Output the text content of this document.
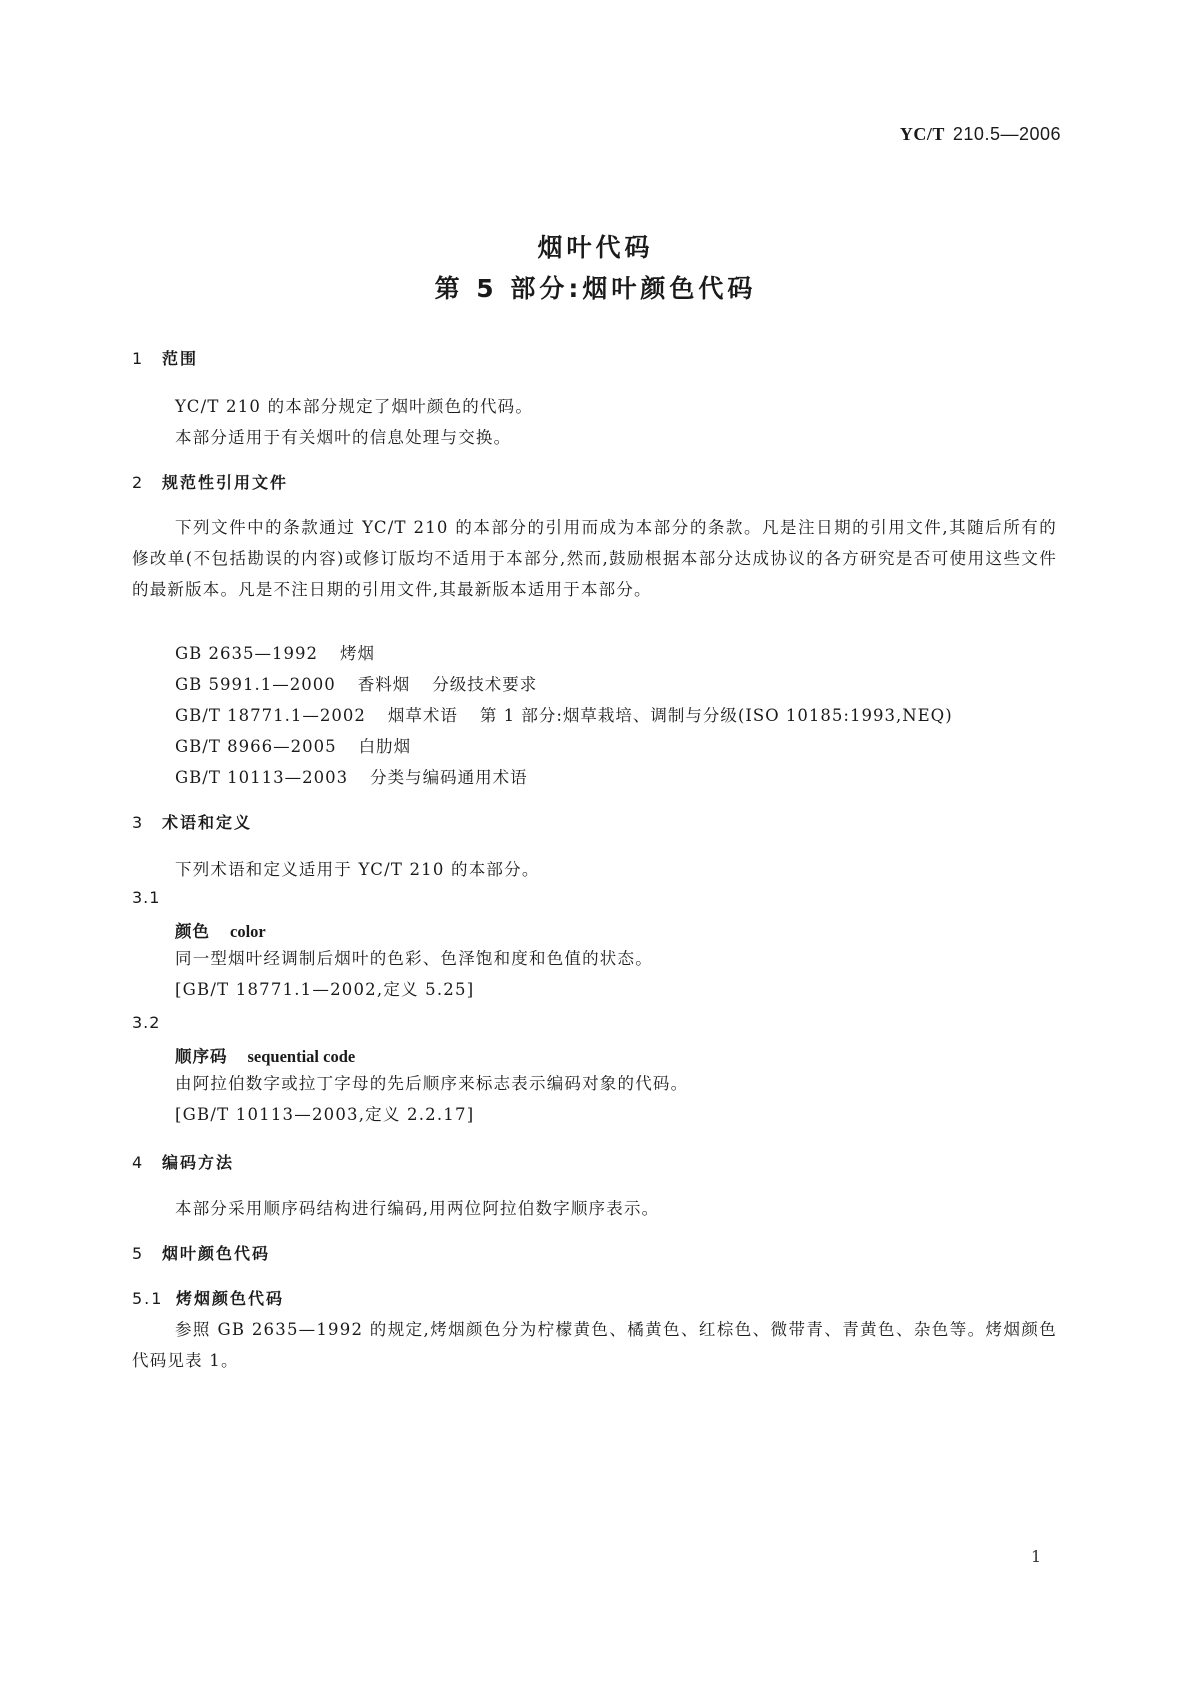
YC/T 210.5—2006
烟叶代码
第 5 部分:烟叶颜色代码
1 范围
YC/T 210 的本部分规定了烟叶颜色的代码。
本部分适用于有关烟叶的信息处理与交换。
2 规范性引用文件
下列文件中的条款通过 YC/T 210 的本部分的引用而成为本部分的条款。凡是注日期的引用文件,其随后所有的修改单(不包括勘误的内容)或修订版均不适用于本部分,然而,鼓励根据本部分达成协议的各方研究是否可使用这些文件的最新版本。凡是不注日期的引用文件,其最新版本适用于本部分。
GB 2635—1992 烤烟
GB 5991.1—2000 香料烟 分级技术要求
GB/T 18771.1—2002 烟草术语 第 1 部分:烟草栽培、调制与分级(ISO 10185:1993,NEQ)
GB/T 8966—2005 白肋烟
GB/T 10113—2003 分类与编码通用术语
3 术语和定义
下列术语和定义适用于 YC/T 210 的本部分。
3.1
颜色 color
同一型烟叶经调制后烟叶的色彩、色泽饱和度和色值的状态。
[GB/T 18771.1—2002,定义 5.25]
3.2
顺序码 sequential code
由阿拉伯数字或拉丁字母的先后顺序来标志表示编码对象的代码。
[GB/T 10113—2003,定义 2.2.17]
4 编码方法
本部分采用顺序码结构进行编码,用两位阿拉伯数字顺序表示。
5 烟叶颜色代码
5.1 烤烟颜色代码
参照 GB 2635—1992 的规定,烤烟颜色分为柠檬黄色、橘黄色、红棕色、微带青、青黄色、杂色等。烤烟颜色代码见表 1。
1
